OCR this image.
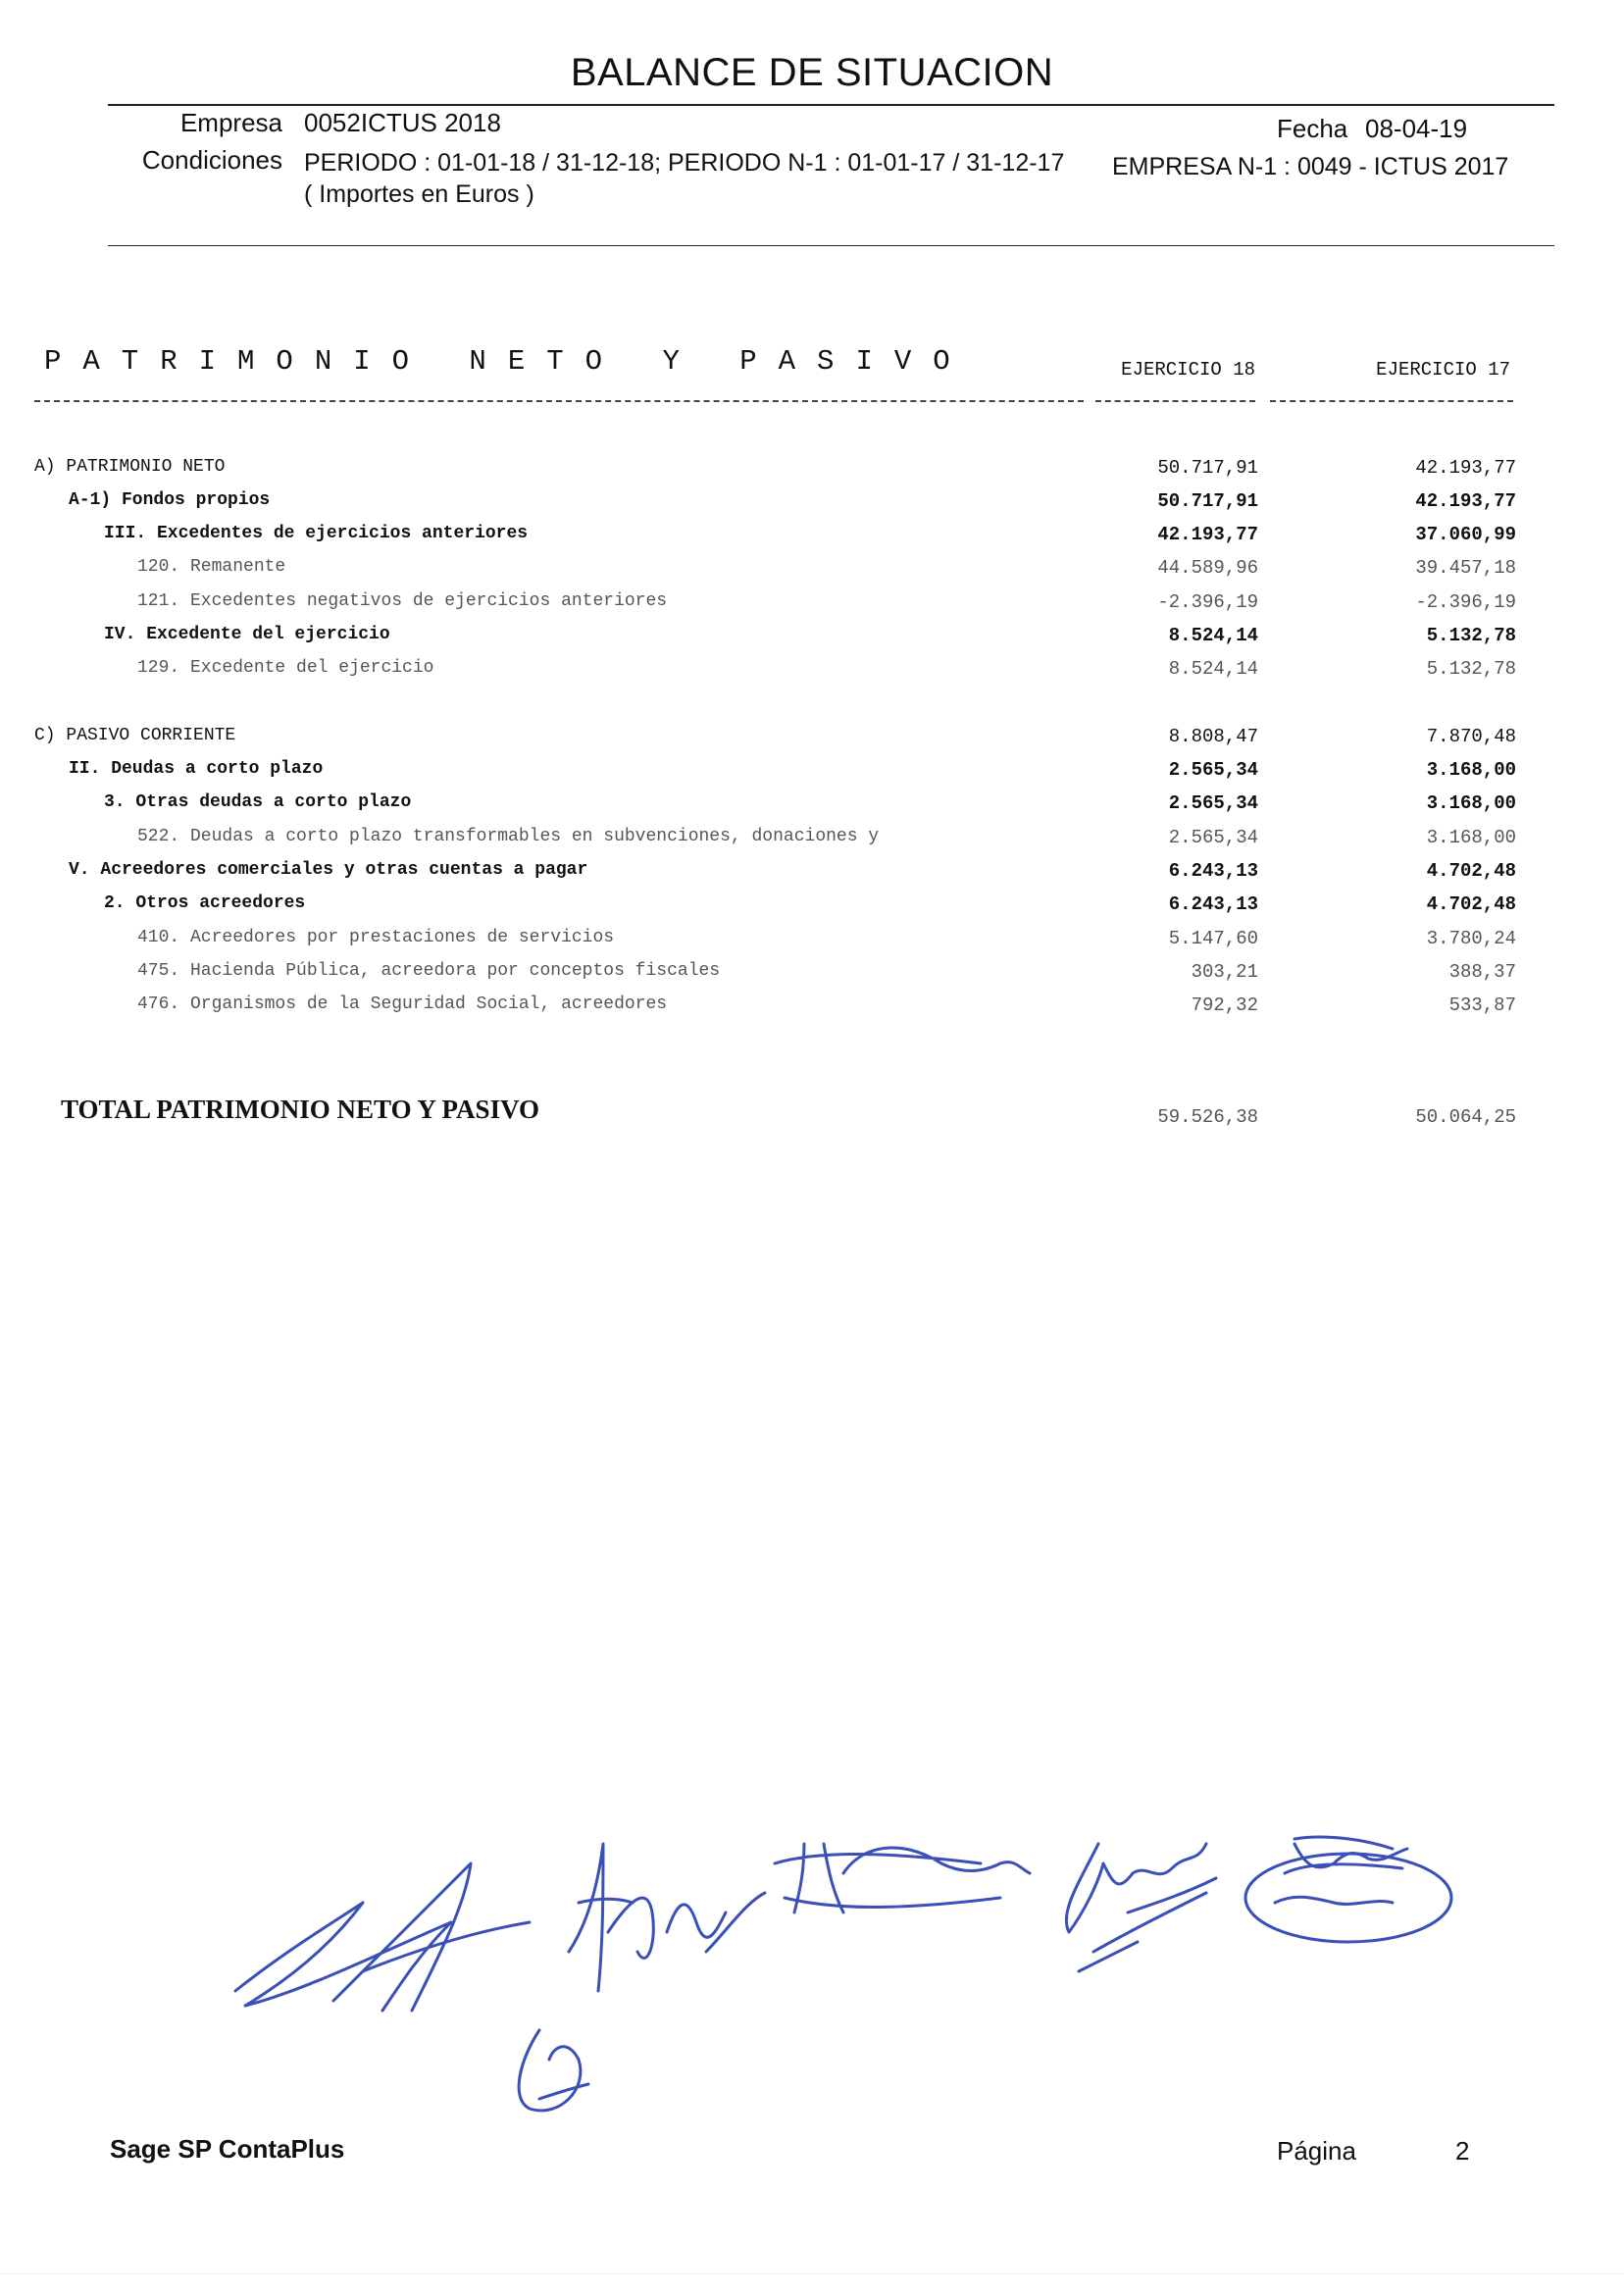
BALANCE DE SITUACION
Empresa 0052ICTUS 2018	Fecha 08-04-19
Condiciones PERIODO : 01-01-18 / 31-12-18; PERIODO N-1 : 01-01-17 / 31-12-17 EMPRESA N-1 : 0049 - ICTUS 2017
( Importes en Euros )
PATRIMONIO NETO Y PASIVO	EJERCICIO 18	EJERCICIO 17
A) PATRIMONIO NETO	50.717,91	42.193,77
A-1) Fondos propios	50.717,91	42.193,77
III. Excedentes de ejercicios anteriores	42.193,77	37.060,99
120. Remanente	44.589,96	39.457,18
121. Excedentes negativos de ejercicios anteriores	-2.396,19	-2.396,19
IV. Excedente del ejercicio	8.524,14	5.132,78
129. Excedente del ejercicio	8.524,14	5.132,78
C) PASIVO CORRIENTE	8.808,47	7.870,48
II. Deudas a corto plazo	2.565,34	3.168,00
3. Otras deudas a corto plazo	2.565,34	3.168,00
522. Deudas a corto plazo transformables en subvenciones, donaciones y	2.565,34	3.168,00
V. Acreedores comerciales y otras cuentas a pagar	6.243,13	4.702,48
2. Otros acreedores	6.243,13	4.702,48
410. Acreedores por prestaciones de servicios	5.147,60	3.780,24
475. Hacienda Pública, acreedora por conceptos fiscales	303,21	388,37
476. Organismos de la Seguridad Social, acreedores	792,32	533,87
TOTAL PATRIMONIO NETO Y PASIVO	59.526,38	50.064,25
Sage SP ContaPlus	Página	2
